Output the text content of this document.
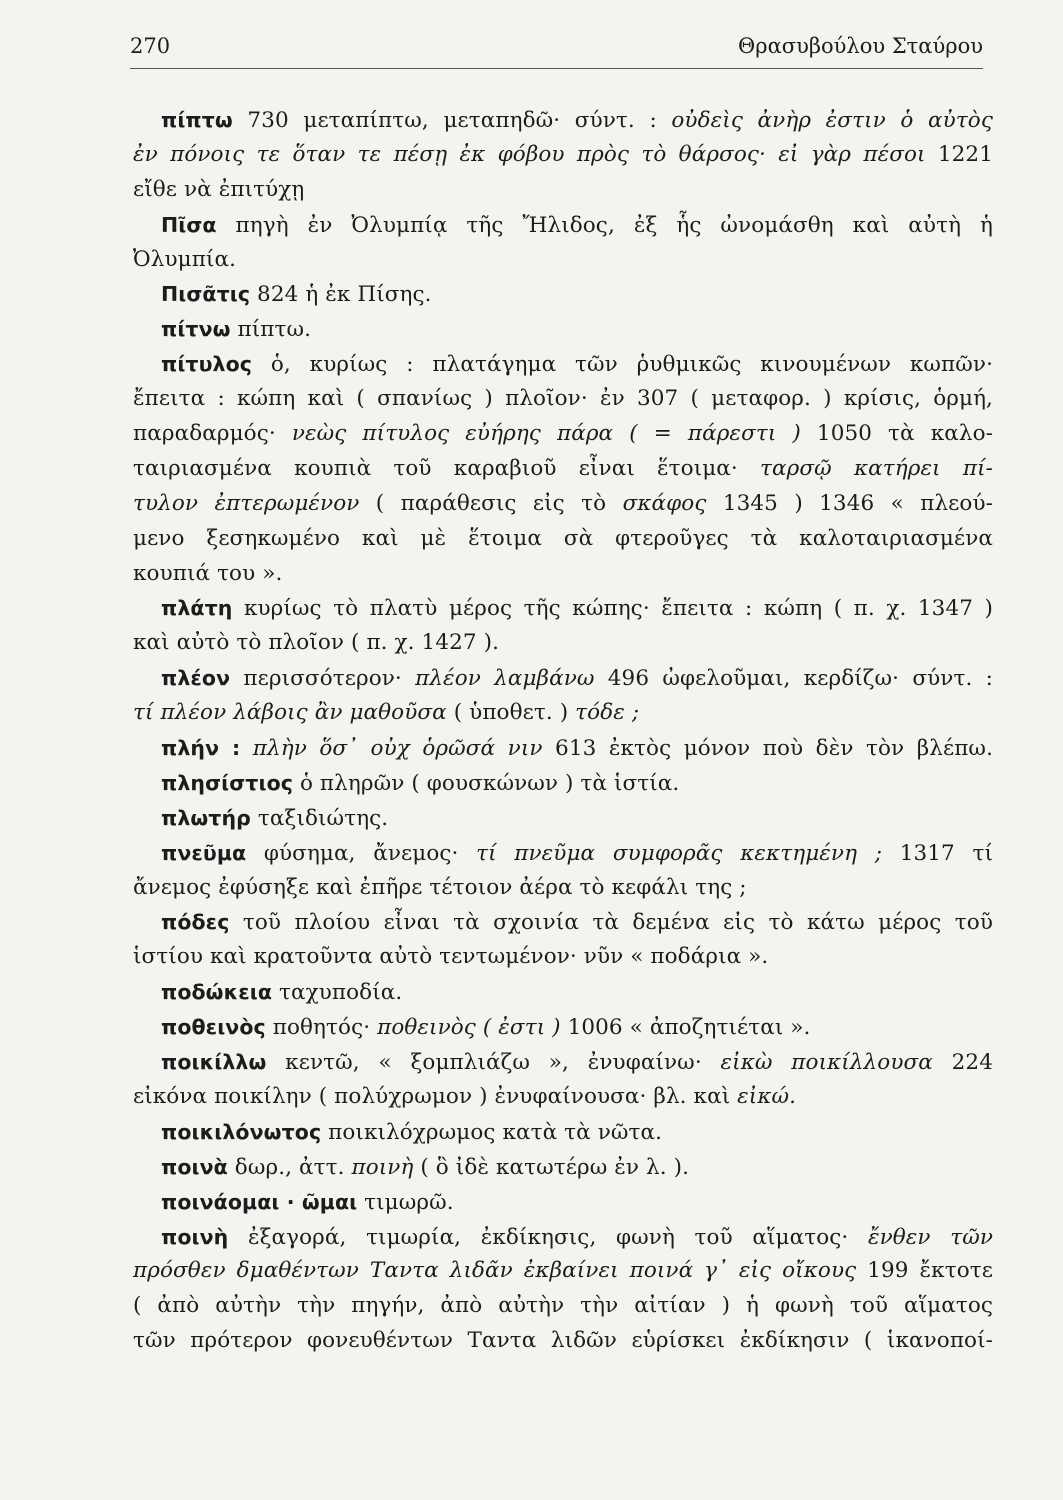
270	Θρασυβούλου Σταύρου
πίπτω 730 μεταπίπτω, μεταπηδῶ· σύντ. : οὐδεὶς ἀνὴρ ἐστιν ὁ αὐτὸς
ἐν πόνοις τε ὅταν τε πέσῃ ἐκ φόβου πρὸς τὸ θάρσος· εἰ γὰρ πέσοι 1221
εἴθε νὰ ἐπιτύχῃ
Πῖσα πηγὴ ἐν Ὀλυμπίᾳ τῆς Ἤλιδος, ἐξ ἧς ὠνομάσθη καὶ αὐτὴ ἡ
Ὀλυμπία.
Πισᾶτις 824 ἡ ἐκ Πίσης.
πίτνω πίπτω.
πίτυλος ὁ, κυρίως : πλατάγημα τῶν ῥυθμικῶς κινουμένων κωπῶν·
ἔπειτα : κώπη καὶ ( σπανίως ) πλοῖον· ἐν 307 ( μεταφορ. ) κρίσις, ὁρμή,
παραδαρμός· νεὼς πίτυλος εὐήρης πάρα ( = πάρεστι ) 1050 τὰ καλο-
ταιριασμένα κουπιὰ τοῦ καραβιοῦ εἶναι ἕτοιμα· ταρσῷ κατήρει πί-
τυλον ἐπτερωμένον ( παράθεσις εἰς τὸ σκάφος 1345 ) 1346 « πλεού-
μενο ξεσηκωμένο καὶ μὲ ἕτοιμα σὰ φτεροῦγες τὰ καλοταιριασμένα
κουπιά του ».
πλάτη κυρίως τὸ πλατὺ μέρος τῆς κώπης· ἔπειτα : κώπη ( π. χ. 1347 )
καὶ αὐτὸ τὸ πλοῖον ( π. χ. 1427 ).
πλέον περισσότερον· πλέον λαμβάνω 496 ὠφελοῦμαι, κερδίζω· σύντ. :
τί πλέον λάβοις ἂν μαθοῦσα ( ὑποθετ. ) τόδε ;
πλήν : πλὴν ὅσ᾽ οὐχ ὁρῶσά νιν 613 ἐκτὸς μόνον ποὺ δὲν τὸν βλέπω.
πλησίστιος ὁ πληρῶν ( φουσκώνων ) τὰ ἱστία.
πλωτήρ ταξιδιώτης.
πνεῦμα φύσημα, ἄνεμος· τί πνεῦμα συμφορᾶς κεκτημένη ; 1317 τί
ἄνεμος ἐφύσηξε καὶ ἐπῆρε τέτοιον ἀέρα τὸ κεφάλι της ;
πόδες τοῦ πλοίου εἶναι τὰ σχοινία τὰ δεμένα εἰς τὸ κάτω μέρος τοῦ
ἱστίου καὶ κρατοῦντα αὐτὸ τεντωμένον· νῦν « ποδάρια ».
ποδώκεια ταχυποδία.
ποθεινὸς ποθητός· ποθεινὸς ( ἐστι ) 1006 « ἀποζητιέται ».
ποικίλλω κεντῶ, « ξομπλιάζω », ἐνυφαίνω· εἰκὼ ποικίλλουσα 224
εἰκόνα ποικίλην ( πολύχρωμον ) ἐνυφαίνουσα· βλ. καὶ εἰκώ.
ποικιλόνωτος ποικιλόχρωμος κατὰ τὰ νῶτα.
ποινὰ δωρ., ἀττ. ποινὴ ( ὃ ἰδὲ κατωτέρω ἐν λ. ).
ποινάομαι · ῶμαι τιμωρῶ.
ποινὴ ἐξαγορά, τιμωρία, ἐκδίκησις, φωνὴ τοῦ αἵματος· ἔνθεν τῶν
πρόσθεν δμαθέντων Ταντα λιδᾶν ἐκβαίνει ποινά γ᾽ εἰς οἴκους 199 ἔκτοτε
( ἀπὸ αὐτὴν τὴν πηγήν, ἀπὸ αὐτὴν τὴν αἰτίαν ) ἡ φωνὴ τοῦ αἵματος
τῶν πρότερον φονευθέντων Ταντα λιδῶν εὑρίσκει ἐκδίκησιν ( ἱκανοποί-
